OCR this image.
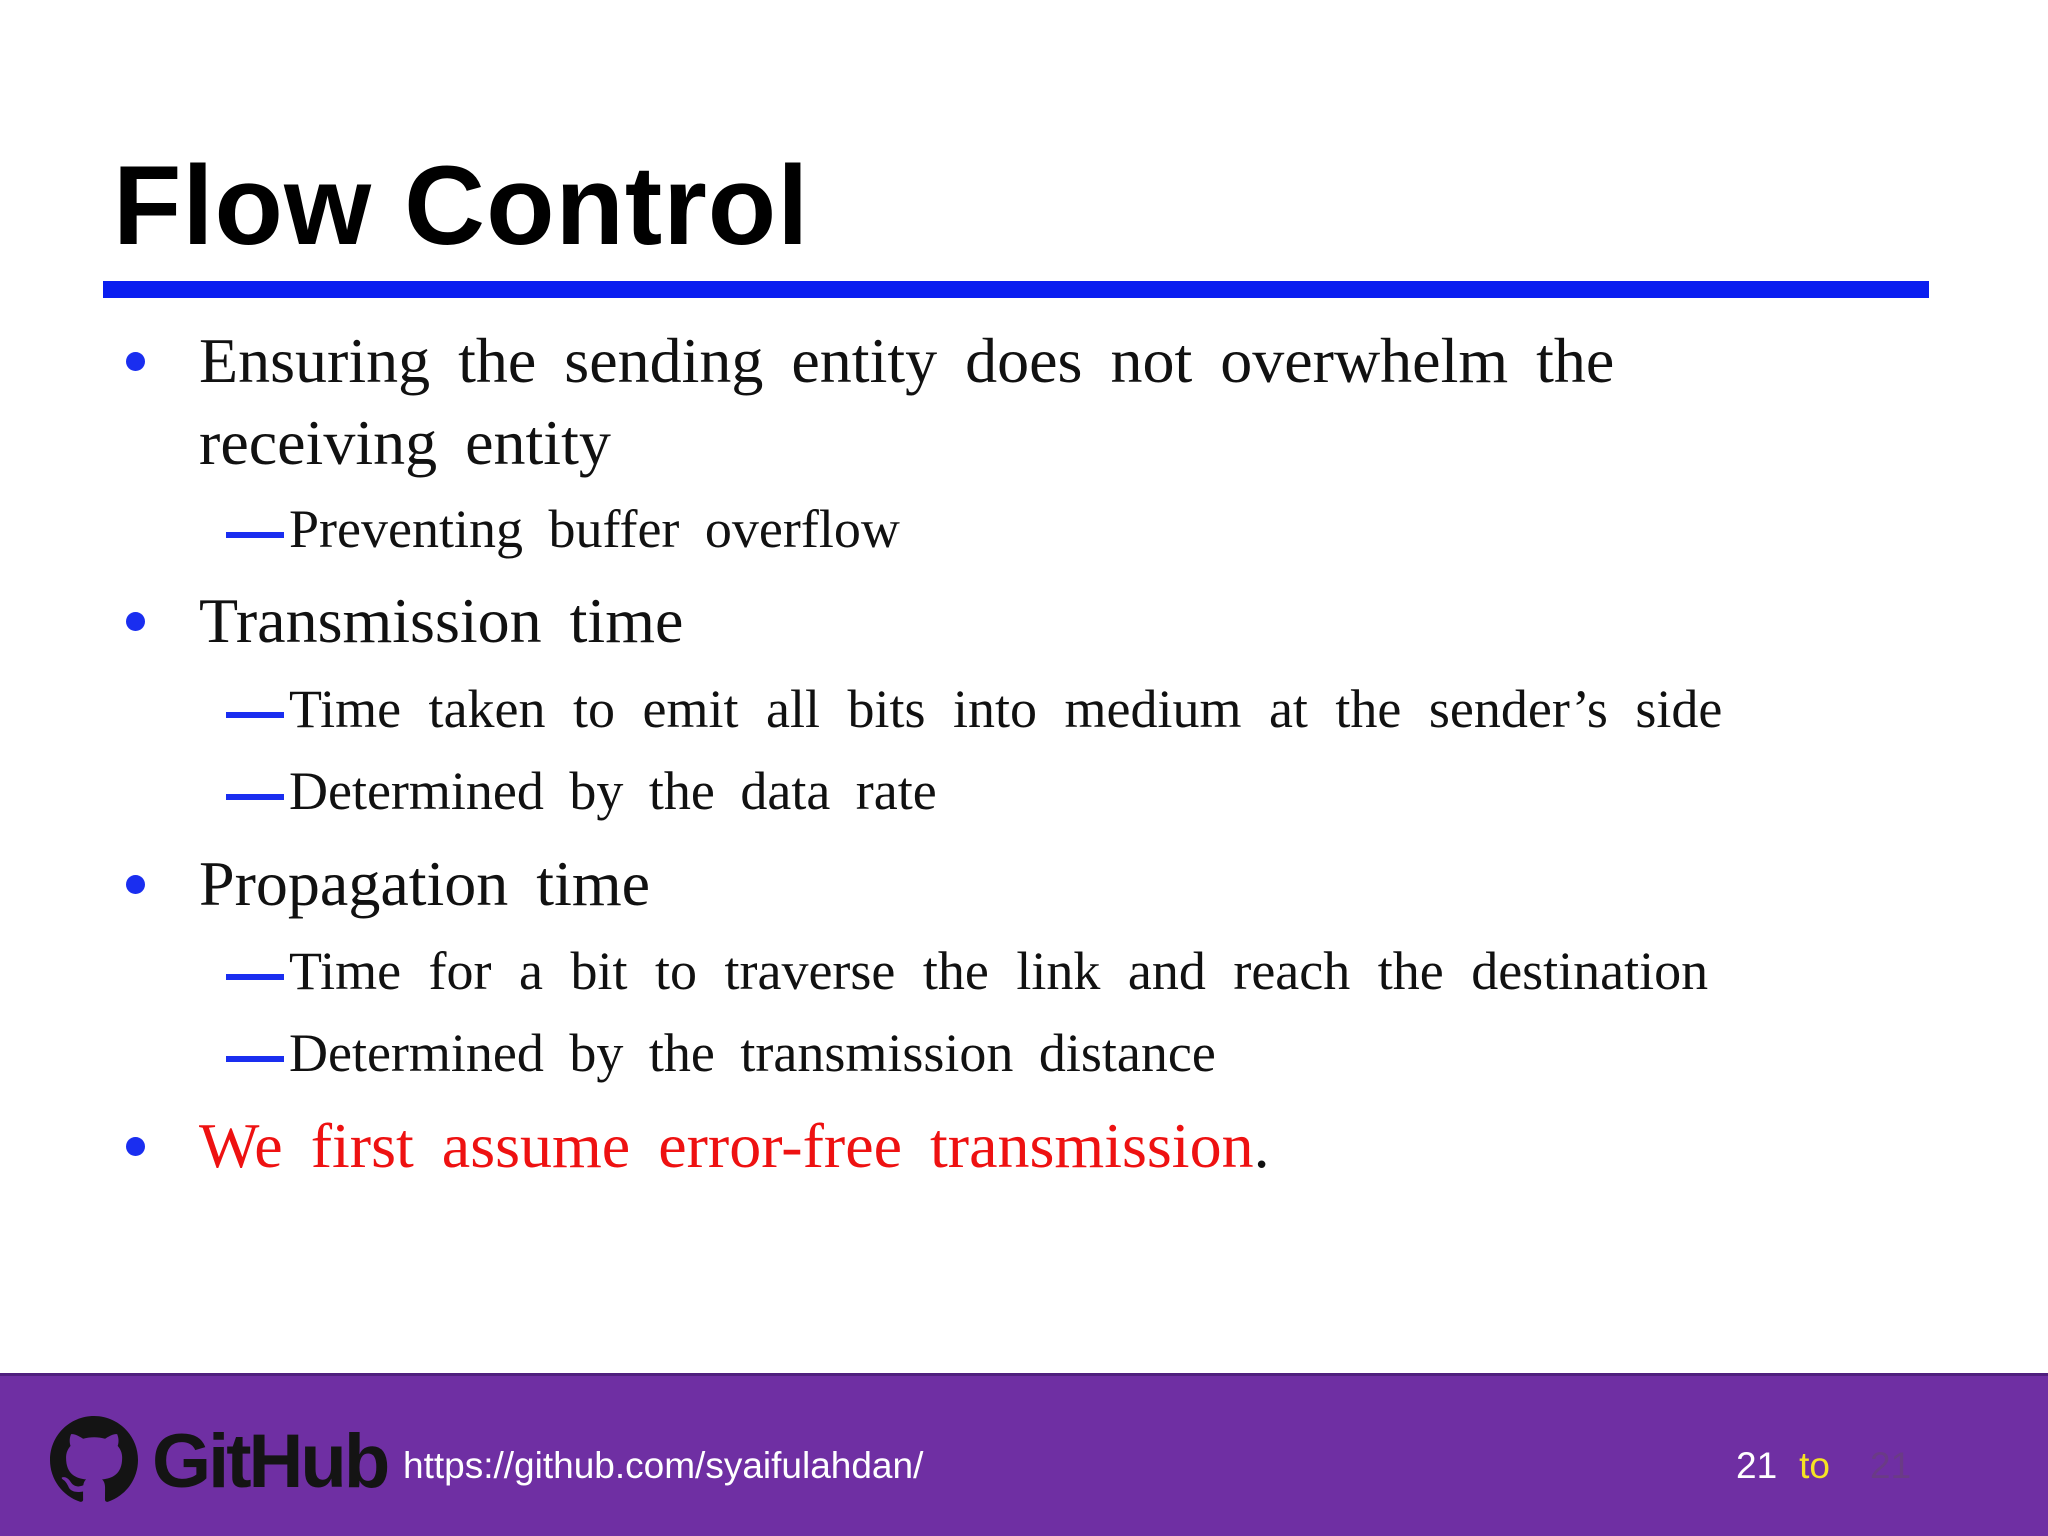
Flow Control
Ensuring the sending entity does not overwhelm the
receiving entity
Preventing buffer overflow
Transmission time
Time taken to emit all bits into medium at the sender’s side
Determined by the data rate
Propagation time
Time for a bit to traverse the link and reach the destination
Determined by the transmission distance
We first assume error-free transmission.
GitHub https://github.com/syaifulahdan/	21 to 21
